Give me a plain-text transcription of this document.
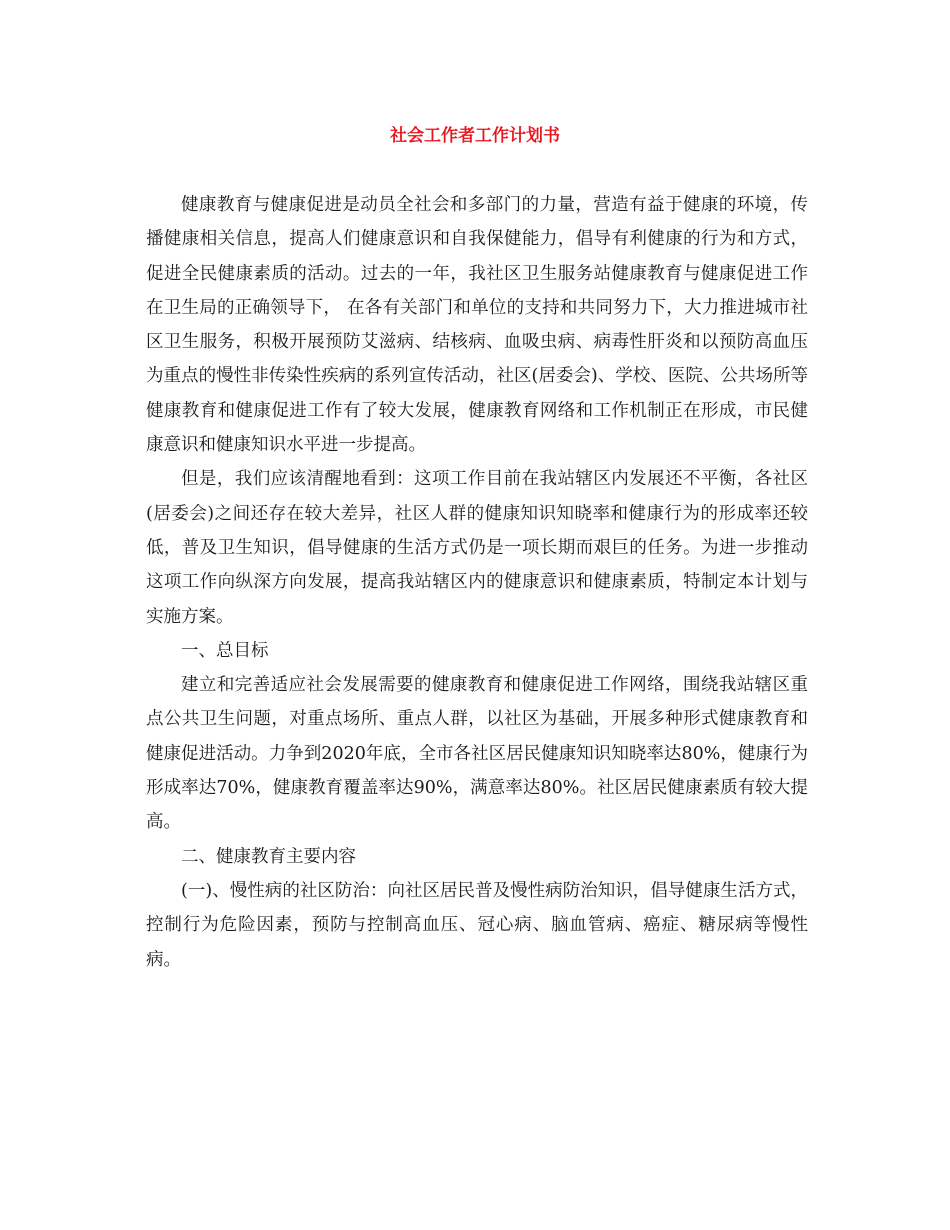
社会工作者工作计划书

健康教育与健康促进是动员全社会和多部门的力量，营造有益于健康的环境，传播健康相关信息，提高人们健康意识和自我保健能力，倡导有利健康的行为和方式，促进全民健康素质的活动。过去的一年，我社区卫生服务站健康教育与健康促进工作在卫生局的正确领导下， 在各有关部门和单位的支持和共同努力下，大力推进城市社区卫生服务，积极开展预防艾滋病、结核病、血吸虫病、病毒性肝炎和以预防高血压为重点的慢性非传染性疾病的系列宣传活动，社区(居委会)、学校、医院、公共场所等健康教育和健康促进工作有了较大发展，健康教育网络和工作机制正在形成，市民健康意识和健康知识水平进一步提高。

但是，我们应该清醒地看到：这项工作目前在我站辖区内发展还不平衡，各社区(居委会)之间还存在较大差异，社区人群的健康知识知晓率和健康行为的形成率还较低，普及卫生知识，倡导健康的生活方式仍是一项长期而艰巨的任务。为进一步推动这项工作向纵深方向发展，提高我站辖区内的健康意识和健康素质，特制定本计划与实施方案。

一、总目标

建立和完善适应社会发展需要的健康教育和健康促进工作网络，围绕我站辖区重点公共卫生问题，对重点场所、重点人群，以社区为基础，开展多种形式健康教育和健康促进活动。力争到2020年底，全市各社区居民健康知识知晓率达80%，健康行为形成率达70%，健康教育覆盖率达90%，满意率达80%。社区居民健康素质有较大提高。

二、健康教育主要内容

(一)、慢性病的社区防治：向社区居民普及慢性病防治知识，倡导健康生活方式，控制行为危险因素，预防与控制高血压、冠心病、脑血管病、癌症、糖尿病等慢性病。
